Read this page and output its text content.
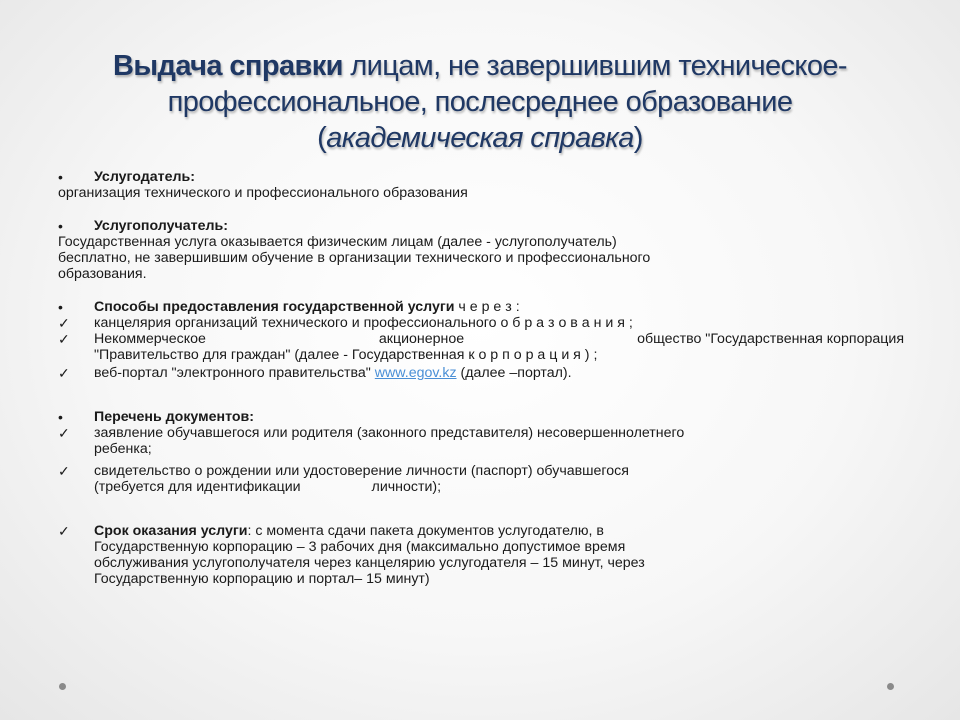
Выдача справки лицам, не завершившим техническое-
профессиональное, послесреднее образование
(академическая справка)
•	Услугодатель:
организация технического и профессионального образования
•	Услугополучатель:
Государственная услуга оказывается физическим лицам (далее - услугополучатель)
бесплатно, не завершившим обучение в организации технического и профессионального
образования.
•	Способы предоставления государственной услуги ч е р е з :
✓	канцелярия организаций технического и профессионального о б р а з о в а н и я ;
✓	Некоммерческое	акционерное	общество "Государственная корпорация
"Правительство для граждан" (далее - Государственная к о р п о р а ц и я ) ;
✓	веб-портал "электронного правительства" www.egov.kz (далее –портал).
•	Перечень документов:
✓	заявление обучавшегося или родителя (законного представителя) несовершеннолетнего
ребенка;
✓	свидетельство о рождении или удостоверение личности (паспорт) обучавшегося
(требуется для идентификации                  личности);
✓	Срок оказания услуги: с момента сдачи пакета документов услугодателю, в
Государственную корпорацию – 3 рабочих дня (максимально допустимое время
обслуживания услугополучателя через канцелярию услугодателя – 15 минут, через
Государственную корпорацию и портал– 15 минут)
